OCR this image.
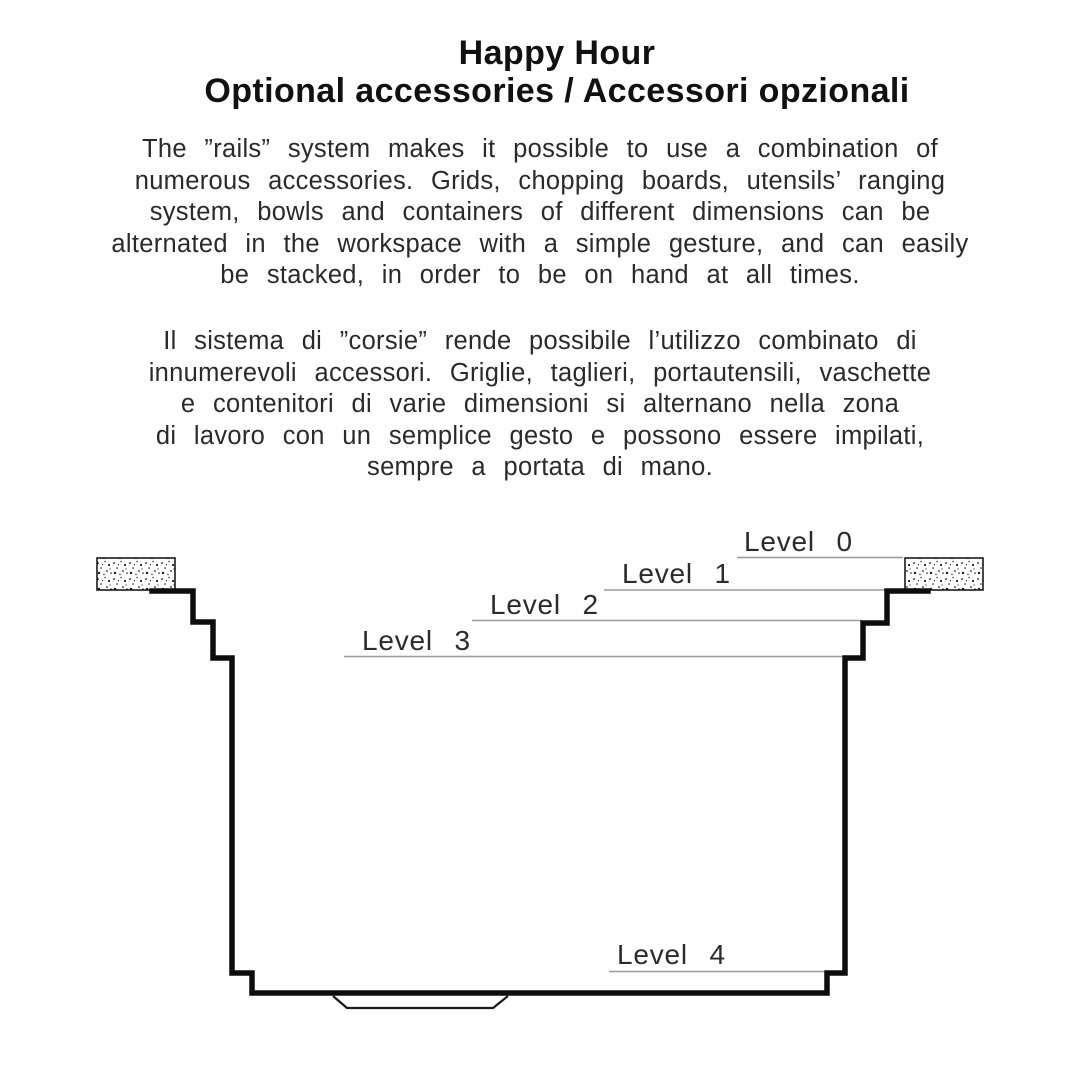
Happy Hour
Optional accessories / Accessori opzionali
The ”rails” system makes it possible to use a combination of
numerous accessories. Grids, chopping boards, utensils’ ranging
system, bowls and containers of different dimensions can be
alternated in the workspace with a simple gesture, and can easily
be stacked, in order to be on hand at all times.
Il sistema di ”corsie” rende possibile l’utilizzo combinato di
innumerevoli accessori. Griglie, taglieri, portautensili, vaschette
e contenitori di varie dimensioni si alternano nella zona
di lavoro con un semplice gesto e possono essere impilati,
sempre a portata di mano.
Level 0
Level 1
Level 2
Level 3
Level 4
